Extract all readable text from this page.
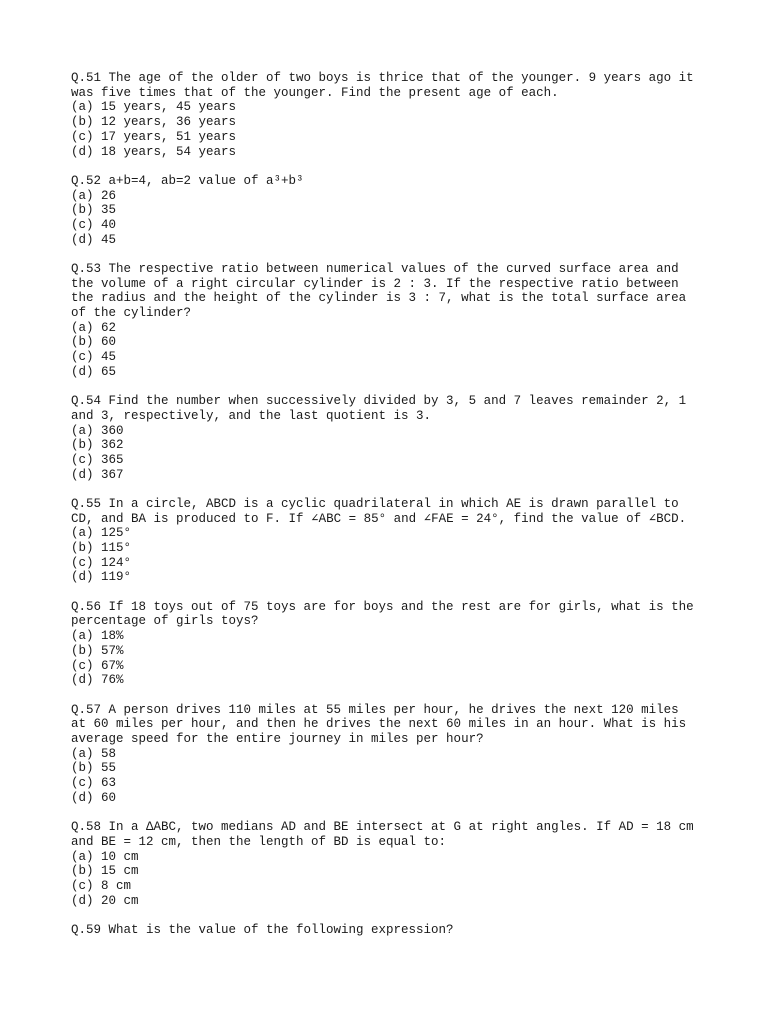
Q.51 The age of the older of two boys is thrice that of the younger. 9 years ago it
was five times that of the younger. Find the present age of each.

(a) 15 years, 45 years
(b) 12 years, 36 years
(c) 17 years, 51 years
(d) 18 years, 54 years

Q.52 a+b=4, ab=2 value of a³+b³

(a) 26
(b) 35
(c) 40
(d) 45

Q.53 The respective ratio between numerical values of the curved surface area and
the volume of a right circular cylinder is 2 : 3. If the respective ratio between
the radius and the height of the cylinder is 3 : 7, what is the total surface area
of the cylinder?

(a) 62
(b) 60
(c) 45
(d) 65

Q.54 Find the number when successively divided by 3, 5 and 7 leaves remainder 2, 1
and 3, respectively, and the last quotient is 3.

(a) 360
(b) 362
(c) 365
(d) 367

Q.55 In a circle, ABCD is a cyclic quadrilateral in which AE is drawn parallel to
CD, and BA is produced to F. If ∠ABC = 85° and ∠FAE = 24°, find the value of ∠BCD.

(a) 125°
(b) 115°
(c) 124°
(d) 119°

Q.56 If 18 toys out of 75 toys are for boys and the rest are for girls, what is the
percentage of girls toys?

(a) 18%
(b) 57%
(c) 67%
(d) 76%

Q.57 A person drives 110 miles at 55 miles per hour, he drives the next 120 miles
at 60 miles per hour, and then he drives the next 60 miles in an hour. What is his
average speed for the entire journey in miles per hour?

(a) 58
(b) 55
(c) 63
(d) 60

Q.58 In a ΔABC, two medians AD and BE intersect at G at right angles. If AD = 18 cm
and BE = 12 cm, then the length of BD is equal to:

(a) 10 cm
(b) 15 cm
(c) 8 cm
(d) 20 cm

Q.59 What is the value of the following expression?
